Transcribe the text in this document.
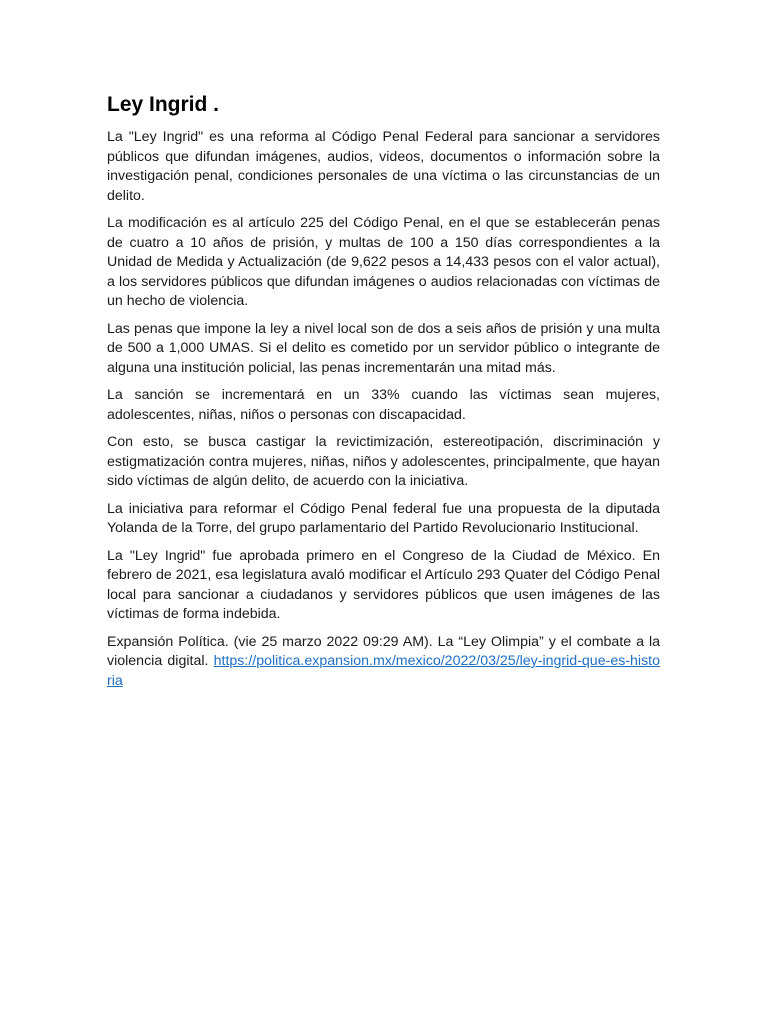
Ley Ingrid .

La "Ley Ingrid" es una reforma al Código Penal Federal para sancionar a servidores públicos que difundan imágenes, audios, videos, documentos o información sobre la investigación penal, condiciones personales de una víctima o las circunstancias de un delito.

La modificación es al artículo 225 del Código Penal, en el que se establecerán penas de cuatro a 10 años de prisión, y multas de 100 a 150 días correspondientes a la Unidad de Medida y Actualización (de 9,622 pesos a 14,433 pesos con el valor actual), a los servidores públicos que difundan imágenes o audios relacionadas con víctimas de un hecho de violencia.

Las penas que impone la ley a nivel local son de dos a seis años de prisión y una multa de 500 a 1,000 UMAS. Si el delito es cometido por un servidor público o integrante de alguna una institución policial, las penas incrementarán una mitad más.

La sanción se incrementará en un 33% cuando las víctimas sean mujeres, adolescentes, niñas, niños o personas con discapacidad.

Con esto, se busca castigar la revictimización, estereotipación, discriminación y estigmatización contra mujeres, niñas, niños y adolescentes, principalmente, que hayan sido víctimas de algún delito, de acuerdo con la iniciativa.

La iniciativa para reformar el Código Penal federal fue una propuesta de la diputada Yolanda de la Torre, del grupo parlamentario del Partido Revolucionario Institucional.

La "Ley Ingrid" fue aprobada primero en el Congreso de la Ciudad de México. En febrero de 2021, esa legislatura avaló modificar el Artículo 293 Quater del Código Penal local para sancionar a ciudadanos y servidores públicos que usen imágenes de las víctimas de forma indebida.

Expansión Política. (vie 25 marzo 2022 09:29 AM). La “Ley Olimpia” y el combate a la violencia digital. https://politica.expansion.mx/mexico/2022/03/25/ley-ingrid-que-es-historia
